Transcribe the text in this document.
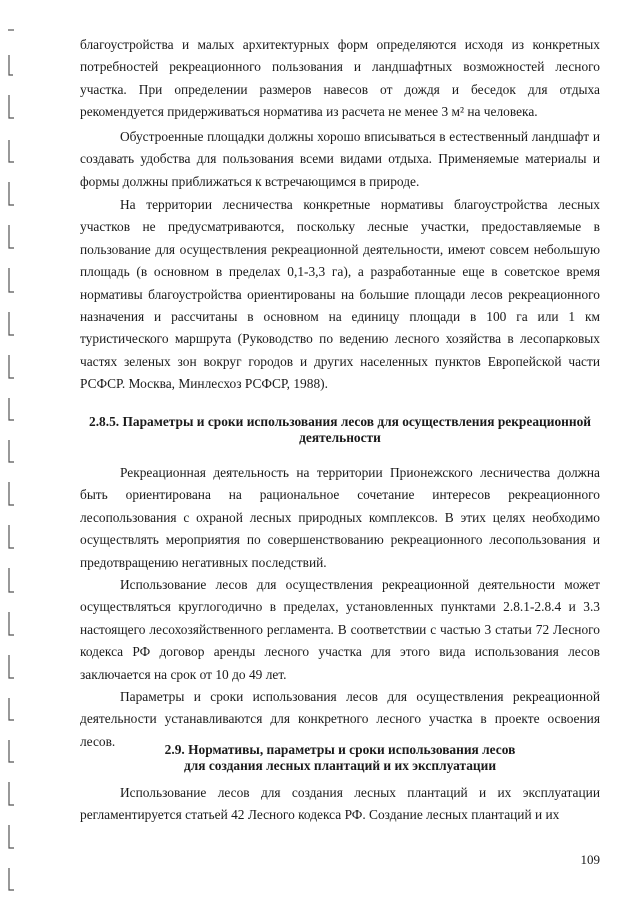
благоустройства и малых архитектурных форм определяются исходя из конкретных потребностей рекреационного пользования и ландшафтных возможностей лесного участка. При определении размеров навесов от дождя и беседок для отдыха рекомендуется придерживаться норматива из расчета не менее 3 м² на человека.

Обустроенные площадки должны хорошо вписываться в естественный ландшафт и создавать удобства для пользования всеми видами отдыха. Применяемые материалы и формы должны приближаться к встречающимся в природе.

На территории лесничества конкретные нормативы благоустройства лесных участков не предусматриваются, поскольку лесные участки, предоставляемые в пользование для осуществления рекреационной деятельности, имеют совсем небольшую площадь (в основном в пределах 0,1-3,3 га), а разработанные еще в советское время нормативы благоустройства ориентированы на большие площади лесов рекреационного назначения и рассчитаны в основном на единицу площади в 100 га или 1 км туристического маршрута (Руководство по ведению лесного хозяйства в лесопарковых частях зеленых зон вокруг городов и других населенных пунктов Европейской части РСФСР. Москва, Минлесхоз РСФСР, 1988).

2.8.5. Параметры и сроки использования лесов для осуществления рекреационной

деятельности

Рекреационная деятельность на территории Прионежского лесничества должна быть ориентирована на рациональное сочетание интересов рекреационного лесопользования с охраной лесных природных комплексов. В этих целях необходимо осуществлять мероприятия по совершенствованию рекреационного лесопользования и предотвращению негативных последствий.

Использование лесов для осуществления рекреационной деятельности может осуществляться круглогодично в пределах, установленных пунктами 2.8.1-2.8.4 и 3.3 настоящего лесохозяйственного регламента. В соответствии с частью 3 статьи 72 Лесного кодекса РФ договор аренды лесного участка для этого вида использования лесов заключается на срок от 10 до 49 лет.

Параметры и сроки использования лесов для осуществления рекреационной деятельности устанавливаются для конкретного лесного участка в проекте освоения лесов.

2.9. Нормативы, параметры и сроки использования лесов

для создания лесных плантаций и их эксплуатации

Использование лесов для создания лесных плантаций и их эксплуатации регламентируется статьей 42 Лесного кодекса РФ. Создание лесных плантаций и их

109
